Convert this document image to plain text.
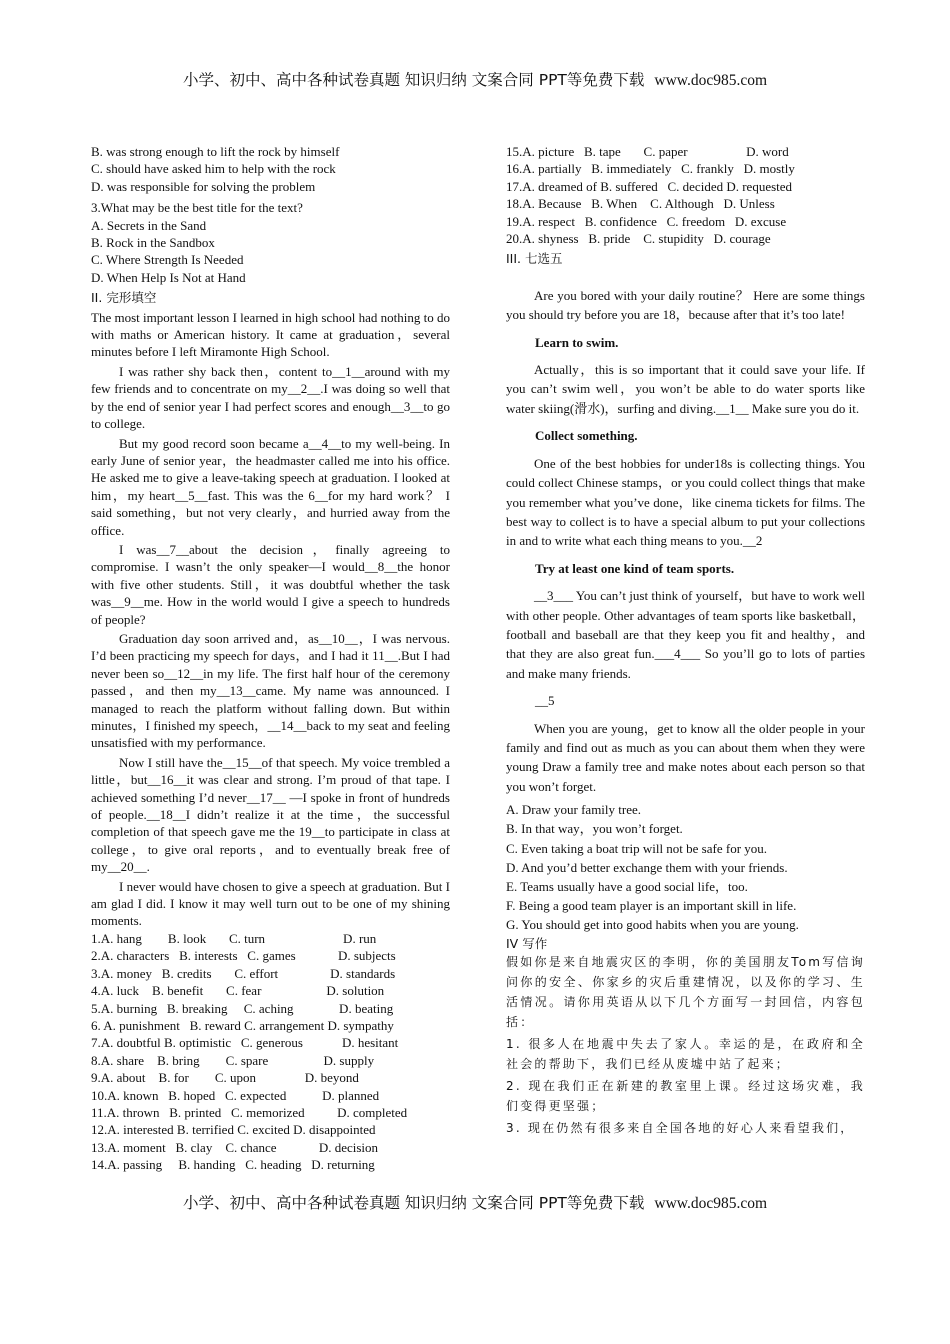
小学、初中、高中各种试卷真题 知识归纳 文案合同 PPT等免费下载 www.doc985.com
B. was strong enough to lift the rock by himself
C. should have asked him to help with the rock
D. was responsible for solving the problem
3.What may be the best title for the text?
A. Secrets in the Sand
B. Rock in the Sandbox
C. Where Strength Is Needed
D. When Help Is Not at Hand
II. 完形填空

The most important lesson I learned in high school had nothing to do with maths or American history. It came at graduation，several minutes before I left Miramonte High School.

I was rather shy back then，content to__1__around with my few friends and to concentrate on my__2__.I was doing so well that by the end of senior year I had perfect scores and enough__3__to go to college.

But my good record soon became a__4__to my well-being. In early June of senior year，the headmaster called me into his office. He asked me to give a leave-taking speech at graduation. I looked at him，my heart__5__fast. This was the 6__for my hard work？ I said something，but not very clearly，and hurried away from the office.

I was__7__about the decision，finally agreeing to compromise. I wasn’t the only speaker—I would__8__the honor with five other students. Still，it was doubtful whether the task was__9__me. How in the world would I give a speech to hundreds of people?

Graduation day soon arrived and，as__10__，I was nervous. I’d been practicing my speech for days，and I had it 11__.But I had never been so__12__in my life. The first half hour of the ceremony passed，and then my__13__came. My name was announced. I managed to reach the platform without falling down. But within minutes，I finished my speech，__14__back to my seat and feeling unsatisfied with my performance.

Now I still have the__15__of that speech. My voice trembled a little，but__16__it was clear and strong. I’m proud of that tape. I achieved something I’d never__17__ —I spoke in front of hundreds of people.__18__I didn’t realize it at the time，the successful completion of that speech gave me the 19__to participate in class at college，to give oral reports，and to eventually break free of my__20__.

I never would have chosen to give a speech at graduation. But I am glad I did. I know it may well turn out to be one of my shining moments.

1.A. hang        B. look       C. turn                        D. run
2.A. characters   B. interests   C. games             D. subjects
3.A. money   B. credits       C. effort                D. standards
4.A. luck    B. benefit       C. fear                    D. solution
5.A. burning   B. breaking     C. aching              D. beating
6. A. punishment   B. reward C. arrangement D. sympathy
7.A. doubtful B. optimistic   C. generous            D. hesitant
8.A. share    B. bring        C. spare                 D. supply
9.A. about    B. for        C. upon               D. beyond
10.A. known   B. hoped   C. expected           D. planned
11.A. thrown   B. printed   C. memorized          D. completed
12.A. interested B. terrified C. excited D. disappointed
13.A. moment   B. clay    C. chance             D. decision
14.A. passing     B. handing   C. heading   D. returning
15.A. picture   B. tape       C. paper                  D. word
16.A. partially   B. immediately   C. frankly   D. mostly
17.A. dreamed of B. suffered   C. decided D. requested
18.A. Because   B. When    C. Although   D. Unless
19.A. respect   B. confidence   C. freedom   D. excuse
20.A. shyness   B. pride    C. stupidity   D. courage
III. 七选五

Are you bored with your daily routine？ Here are some things you should try before you are 18，because after that it’s too late!

Learn to swim.

Actually，this is so important that it could save your life. If you can’t swim well，you won’t be able to do water sports like water skiing(滑水)，surfing and diving.__1__ Make sure you do it.

Collect something.

One of the best hobbies for under18s is collecting things. You could collect Chinese stamps，or you could collect things that make you remember what you’ve done，like cinema tickets for films. The best way to collect is to have a special album to put your collections in and to write what each thing means to you.__2

Try at least one kind of team sports.

__3___ You can’t just think of yourself，but have to work well with other people. Other advantages of team sports like basketball，football and baseball are that they keep you fit and healthy，and that they are also great fun.___4___ So you’ll go to lots of parties and make many friends.

__5

When you are young，get to know all the older people in your family and find out as much as you can about them when they were young Draw a family tree and make notes about each person so that you won’t forget.

A. Draw your family tree.
B. In that way，you won’t forget.
C. Even taking a boat trip will not be safe for you.
D. And you’d better exchange them with your friends.
E. Teams usually have a good social life，too.
F. Being a good team player is an important skill in life.
G. You should get into good habits when you are young.
IV 写作
假如你是来自地震灾区的李明，你的美国朋友Tom写信询问你的安全、你家乡的灾后重建情况，以及你的学习、生活情况。请你用英语从以下几个方面写一封回信，内容包括：
1. 很多人在地震中失去了家人。幸运的是，在政府和全社会的帮助下，我们已经从废墟中站了起来；
2. 现在我们正在新建的教室里上课。经过这场灾难，我们变得更坚强；
3. 现在仍然有很多来自全国各地的好心人来看望我们，
小学、初中、高中各种试卷真题 知识归纳 文案合同 PPT等免费下载 www.doc985.com
